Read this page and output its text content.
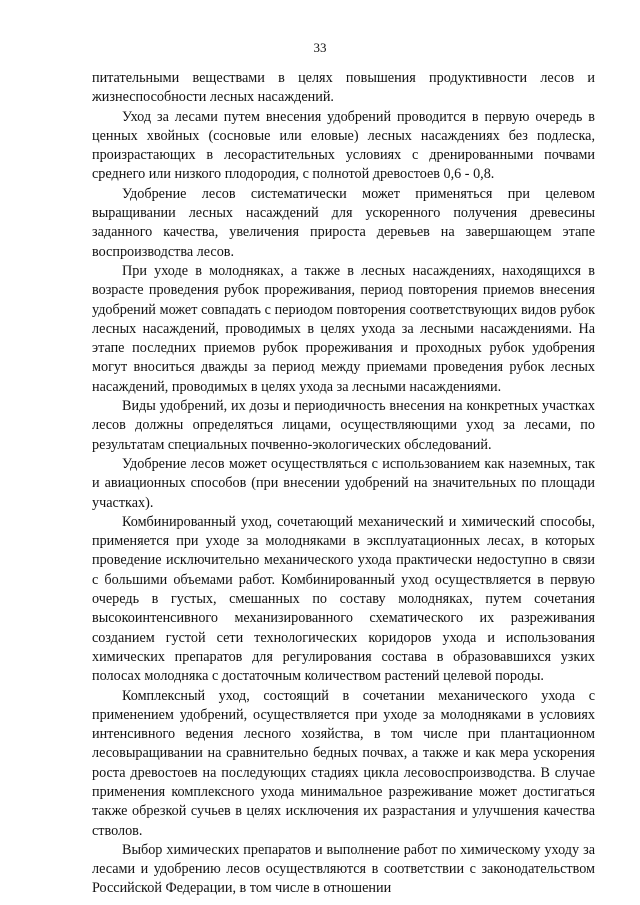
33

питательными веществами в целях повышения продуктивности лесов и жизнеспособности лесных насаждений.

Уход за лесами путем внесения удобрений проводится в первую очередь в ценных хвойных (сосновые или еловые) лесных насаждениях без подлеска, произрастающих в лесорастительных условиях с дренированными почвами среднего или низкого плодородия, с полнотой древостоев 0,6 - 0,8.

Удобрение лесов систематически может применяться при целевом выращивании лесных насаждений для ускоренного получения древесины заданного качества, увеличения прироста деревьев на завершающем этапе воспроизводства лесов.

При уходе в молодняках, а также в лесных насаждениях, находящихся в возрасте проведения рубок прореживания, период повторения приемов внесения удобрений может совпадать с периодом повторения соответствующих видов рубок лесных насаждений, проводимых в целях ухода за лесными насаждениями. На этапе последних приемов рубок прореживания и проходных рубок удобрения могут вноситься дважды за период между приемами проведения рубок лесных насаждений, проводимых в целях ухода за лесными насаждениями.

Виды удобрений, их дозы и периодичность внесения на конкретных участках лесов должны определяться лицами, осуществляющими уход за лесами, по результатам специальных почвенно-экологических обследований.

Удобрение лесов может осуществляться с использованием как наземных, так и авиационных способов (при внесении удобрений на значительных по площади участках).

Комбинированный уход, сочетающий механический и химический способы, применяется при уходе за молодняками в эксплуатационных лесах, в которых проведение исключительно механического ухода практически недоступно в связи с большими объемами работ. Комбинированный уход осуществляется в первую очередь в густых, смешанных по составу молодняках, путем сочетания высокоинтенсивного механизированного схематического их разреживания созданием густой сети технологических коридоров ухода и использования химических препаратов для регулирования состава в образовавшихся узких полосах молодняка с достаточным количеством растений целевой породы.

Комплексный уход, состоящий в сочетании механического ухода с применением удобрений, осуществляется при уходе за молодняками в условиях интенсивного ведения лесного хозяйства, в том числе при плантационном лесовыращивании на сравнительно бедных почвах, а также и как мера ускорения роста древостоев на последующих стадиях цикла лесовоспроизводства. В случае применения комплексного ухода минимальное разреживание может достигаться также обрезкой сучьев в целях исключения их разрастания и улучшения качества стволов.

Выбор химических препаратов и выполнение работ по химическому уходу за лесами и удобрению лесов осуществляются в соответствии с законодательством Российской Федерации, в том числе в отношении
